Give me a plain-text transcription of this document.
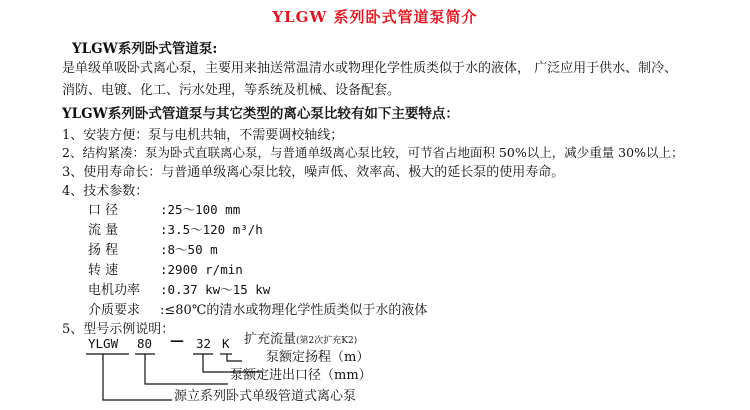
YLGW 系列卧式管道泵简介
YLGW系列卧式管道泵:
是单级单吸卧式离心泵，主要用来抽送常温清水或物理化学性质类似于水的液体， 广泛应用于供水、制冷、
消防、电镀、化工、污水处理，等系统及机械、设备配套。
YLGW系列卧式管道泵与其它类型的离心泵比较有如下主要特点：
1、安装方便：泵与电机共轴，不需要调校轴线；
2、结构紧凑：泵为卧式直联离心泵，与普通单级离心泵比较，可节省占地面积 50%以上，减少重量 30%以上；
3、使用寿命长：与普通单级离心泵比较，噪声低、效率高、极大的延长泵的使用寿命。
4、技术参数：
口 径	:25～100 mm
流 量	:3.5～120 m³/h
扬 程	:8～50 m
转 速	:2900 r/min
电机功率 :0.37 kw～15 kw
介质要求 :≤80℃的清水或物理化学性质类似于水的液体
5、型号示例说明：
YLGW 80 — 32 K 扩充流量(第2次扩充K2)
泵额定扬程（m）
泵额定进出口径（mm）
源立系列卧式单级管道式离心泵
